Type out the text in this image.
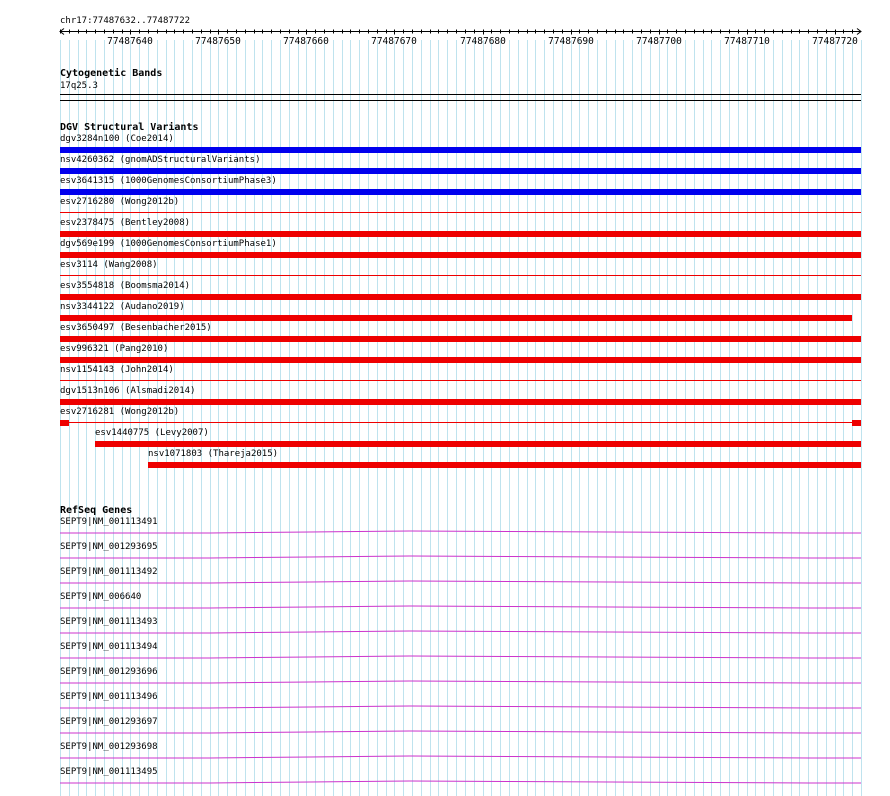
chr17:77487632..77487722
77487640	77487650	77487660	77487670	77487680	77487690	77487700	77487710	77487720
Cytogenetic Bands
17q25.3
DGV Structural Variants
dgv3284n100 (Coe2014)
nsv4260362 (gnomADStructuralVariants)
esv3641315 (1000GenomesConsortiumPhase3)
esv2716280 (Wong2012b)
esv2378475 (Bentley2008)
dgv569e199 (1000GenomesConsortiumPhase1)
esv3114 (Wang2008)
esv3554818 (Boomsma2014)
nsv3344122 (Audano2019)
esv3650497 (Besenbacher2015)
esv996321 (Pang2010)
nsv1154143 (John2014)
dgv1513n106 (Alsmadi2014)
esv2716281 (Wong2012b)
esv1440775 (Levy2007)
nsv1071803 (Thareja2015)
RefSeq Genes
SEPT9|NM_001113491
SEPT9|NM_001293695
SEPT9|NM_001113492
SEPT9|NM_006640
SEPT9|NM_001113493
SEPT9|NM_001113494
SEPT9|NM_001293696
SEPT9|NM_001113496
SEPT9|NM_001293697
SEPT9|NM_001293698
SEPT9|NM_001113495
